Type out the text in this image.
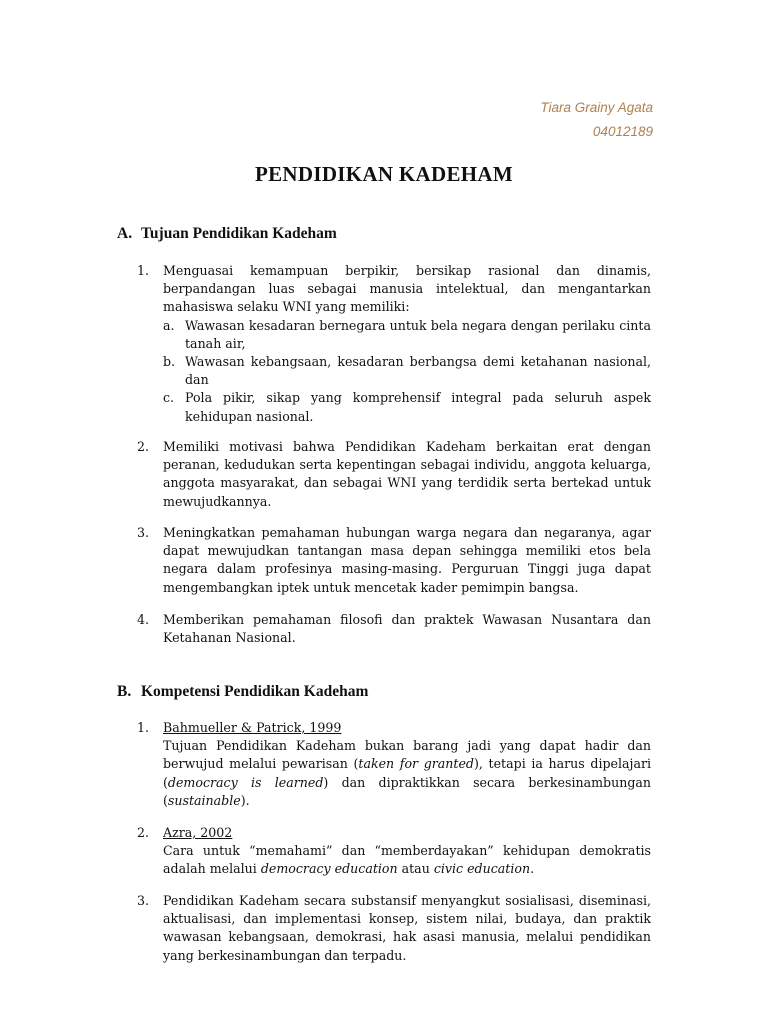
Tiara Grainy Agata
04012189
PENDIDIKAN KADEHAM
A. Tujuan Pendidikan Kadeham
1. Menguasai kemampuan berpikir, bersikap rasional dan dinamis, berpandangan luas sebagai manusia intelektual, dan mengantarkan mahasiswa selaku WNI yang memiliki:
a. Wawasan kesadaran bernegara untuk bela negara dengan perilaku cinta tanah air,
b. Wawasan kebangsaan, kesadaran berbangsa demi ketahanan nasional, dan
c. Pola pikir, sikap yang komprehensif integral pada seluruh aspek kehidupan nasional.
2. Memiliki motivasi bahwa Pendidikan Kadeham berkaitan erat dengan peranan, kedudukan serta kepentingan sebagai individu, anggota keluarga, anggota masyarakat, dan sebagai WNI yang terdidik serta bertekad untuk mewujudkannya.
3. Meningkatkan pemahaman hubungan warga negara dan negaranya, agar dapat mewujudkan tantangan masa depan sehingga memiliki etos bela negara dalam profesinya masing-masing. Perguruan Tinggi juga dapat mengembangkan iptek untuk mencetak kader pemimpin bangsa.
4. Memberikan pemahaman filosofi dan praktek Wawasan Nusantara dan Ketahanan Nasional.
B. Kompetensi Pendidikan Kadeham
1. Bahmueller & Patrick, 1999
Tujuan Pendidikan Kadeham bukan barang jadi yang dapat hadir dan berwujud melalui pewarisan (taken for granted), tetapi ia harus dipelajari (democracy is learned) dan dipraktikkan secara berkesinambungan (sustainable).
2. Azra, 2002
Cara untuk “memahami” dan “memberdayakan” kehidupan demokratis adalah melalui democracy education atau civic education.
3. Pendidikan Kadeham secara substansif menyangkut sosialisasi, diseminasi, aktualisasi, dan implementasi konsep, sistem nilai, budaya, dan praktik wawasan kebangsaan, demokrasi, hak asasi manusia, melalui pendidikan yang berkesinambungan dan terpadu.
